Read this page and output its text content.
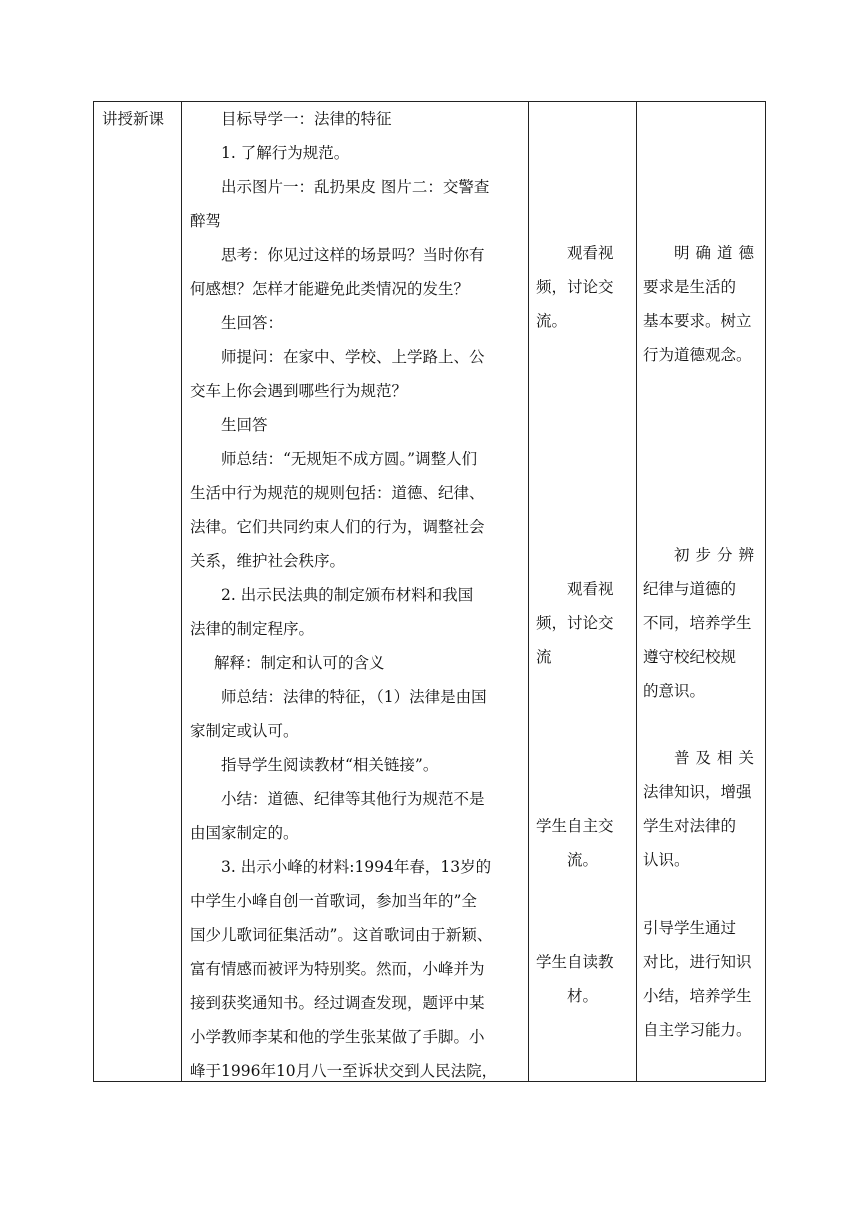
讲授新课	目标导学一：法律的特征

1. 了解行为规范。

出示图片一：乱扔果皮 图片二：交警查

醉驾

思考：你见过这样的场景吗？当时你有

何感想？怎样才能避免此类情况的发生？

生回答：

师提问：在家中、学校、上学路上、公

交车上你会遇到哪些行为规范？

生回答

师总结：“无规矩不成方圆。”调整人们

生活中行为规范的规则包括：道德、纪律、

法律。它们共同约束人们的行为，调整社会

关系，维护社会秩序。

2. 出示民法典的制定颁布材料和我国

法律的制定程序。

解释：制定和认可的含义

师总结：法律的特征，（1）法律是由国

家制定或认可。

指导学生阅读教材“相关链接”。

小结：道德、纪律等其他行为规范不是

由国家制定的。

3. 出示小峰的材料:1994年春，13岁的

中学生小峰自创一首歌词，参加当年的”全

国少儿歌词征集活动”。这首歌词由于新颖、

富有情感而被评为特别奖。然而，小峰并为

接到获奖通知书。经过调查发现，题评中某

小学教师李某和他的学生张某做了手脚。小

峰于1996年10月八一至诉状交到人民法院，

观看视

频，讨论交

流。

观看视

频，讨论交

流

学生自主交

流。

学生自读教

材。

明确道德

要求是生活的

基本要求。树立

行为道德观念。

初步分辨

纪律与道德的

不同，培养学生

遵守校纪校规

的意识。

普及相关

法律知识，增强

学生对法律的

认识。

引导学生通过

对比，进行知识

小结，培养学生

自主学习能力。
